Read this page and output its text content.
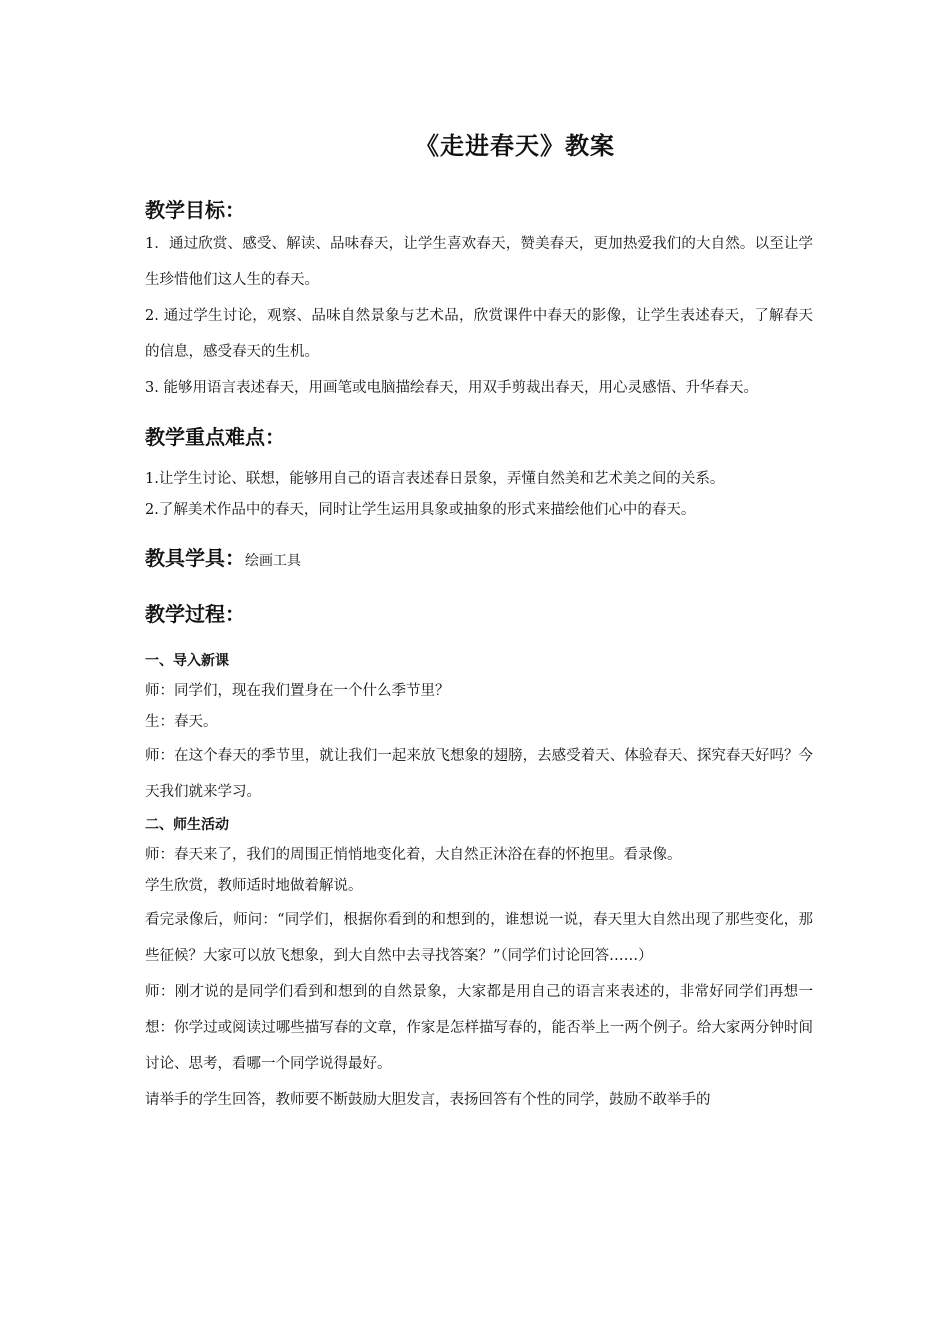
《走进春天》教案
教学目标：

1．通过欣赏、感受、解读、品味春天，让学生喜欢春天，赞美春天，更加热爱我们的大自然。以至让学生珍惜他们这人生的春天。

2. 通过学生讨论，观察、品味自然景象与艺术品，欣赏课件中春天的影像，让学生表述春天，了解春天的信息，感受春天的生机。

3. 能够用语言表述春天，用画笔或电脑描绘春天，用双手剪裁出春天，用心灵感悟、升华春天。

教学重点难点：

1.让学生讨论、联想，能够用自己的语言表述春日景象，弄懂自然美和艺术美之间的关系。

2.了解美术作品中的春天，同时让学生运用具象或抽象的形式来描绘他们心中的春天。

教具学具：绘画工具
教学过程：
一、导入新课

师：同学们，现在我们置身在一个什么季节里？

生：春天。

师：在这个春天的季节里，就让我们一起来放飞想象的翅膀，去感受着天、体验春天、探究春天好吗？今天我们就来学习。

二、师生活动

师：春天来了，我们的周围正悄悄地变化着，大自然正沐浴在春的怀抱里。看录像。

学生欣赏，教师适时地做着解说。

看完录像后，师问：“同学们，根据你看到的和想到的，谁想说一说，春天里大自然出现了那些变化，那些征候？大家可以放飞想象，到大自然中去寻找答案？”（同学们讨论回答……）

师：刚才说的是同学们看到和想到的自然景象，大家都是用自己的语言来表述的，非常好同学们再想一想：你学过或阅读过哪些描写春的文章，作家是怎样描写春的，能否举上一两个例子。给大家两分钟时间讨论、思考，看哪一个同学说得最好。

请举手的学生回答，教师要不断鼓励大胆发言，表扬回答有个性的同学，鼓励不敢举手的
